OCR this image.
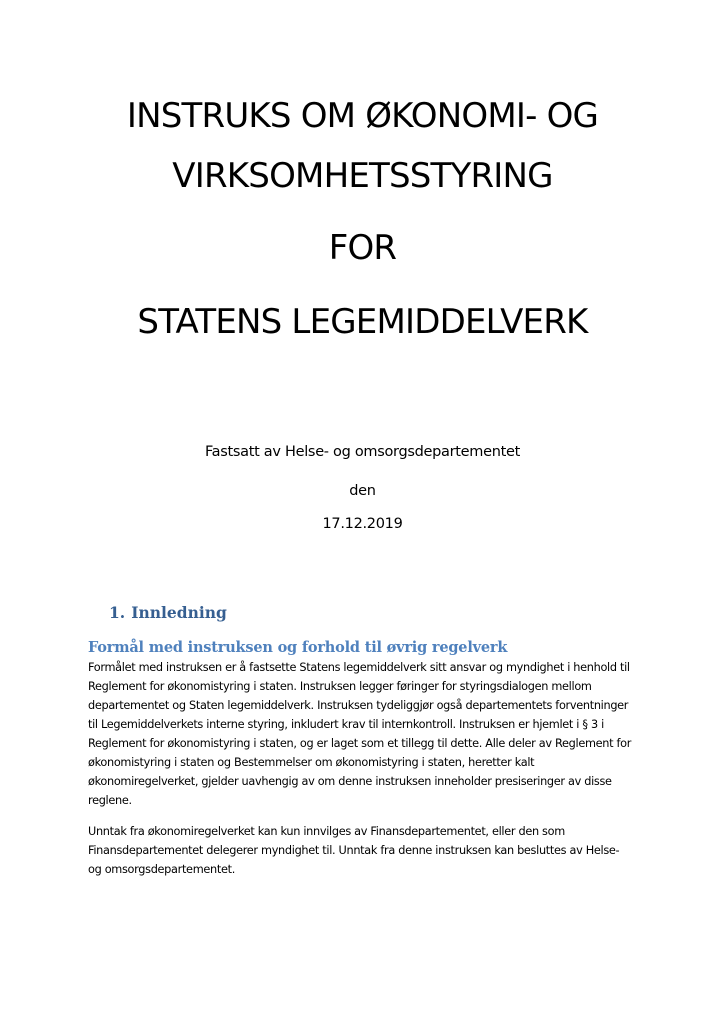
INSTRUKS OM ØKONOMI- OG
VIRKSOMHETSSTYRING
FOR
STATENS LEGEMIDDELVERK

Fastsatt av Helse- og omsorgsdepartementet

den

17.12.2019

1. Innledning
Formål med instruksen og forhold til øvrig regelverk

Formålet med instruksen er å fastsette Statens legemiddelverk sitt ansvar og myndighet i henhold til
Reglement for økonomistyring i staten. Instruksen legger føringer for styringsdialogen mellom
departementet og Staten legemiddelverk. Instruksen tydeliggjør også departementets forventninger
til Legemiddelverkets interne styring, inkludert krav til internkontroll. Instruksen er hjemlet i § 3 i
Reglement for økonomistyring i staten, og er laget som et tillegg til dette. Alle deler av Reglement for
økonomistyring i staten og Bestemmelser om økonomistyring i staten, heretter kalt
økonomiregelverket, gjelder uavhengig av om denne instruksen inneholder presiseringer av disse
reglene.

Unntak fra økonomiregelverket kan kun innvilges av Finansdepartementet, eller den som
Finansdepartementet delegerer myndighet til. Unntak fra denne instruksen kan besluttes av Helse-
og omsorgsdepartementet.
